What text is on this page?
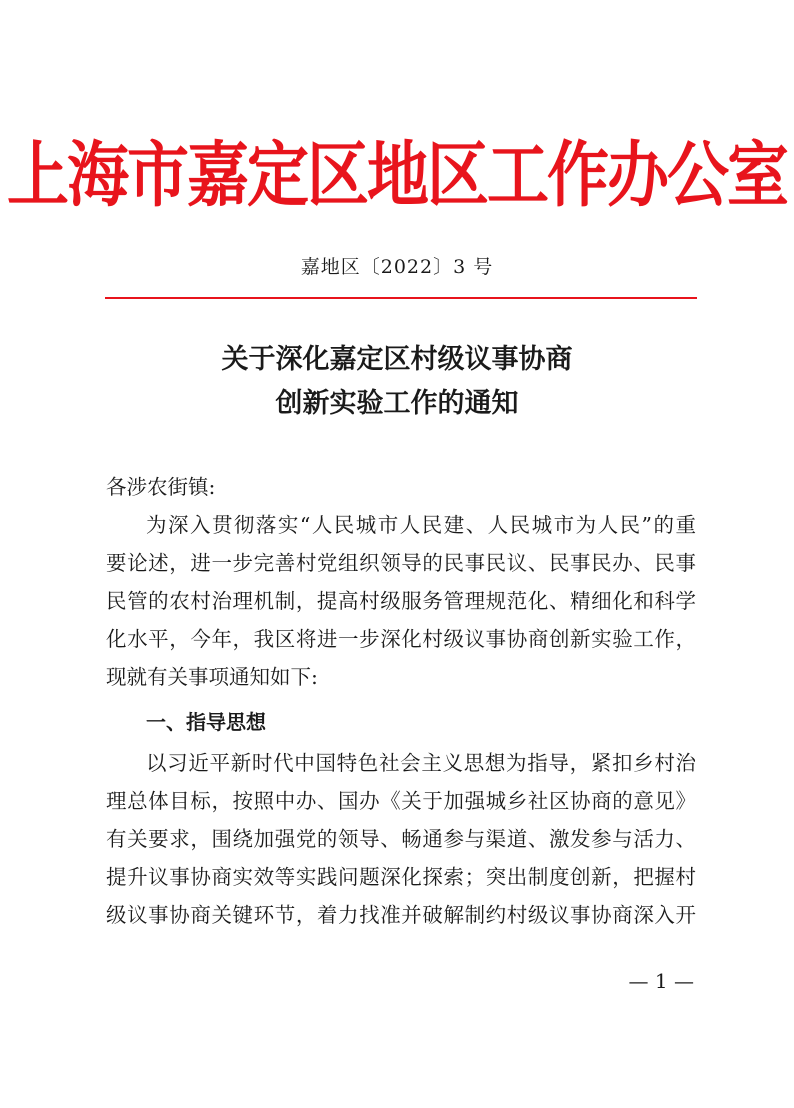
上海市嘉定区地区工作办公室
嘉地区〔2022〕3 号
关于深化嘉定区村级议事协商
创新实验工作的通知
各涉农街镇:
为深入贯彻落实“人民城市人民建、人民城市为人民”的重
要论述，进一步完善村党组织领导的民事民议、民事民办、民事
民管的农村治理机制，提高村级服务管理规范化、精细化和科学
化水平，今年，我区将进一步深化村级议事协商创新实验工作，
现就有关事项通知如下:
一、指导思想
以习近平新时代中国特色社会主义思想为指导，紧扣乡村治
理总体目标，按照中办、国办《关于加强城乡社区协商的意见》
有关要求，围绕加强党的领导、畅通参与渠道、激发参与活力、
提升议事协商实效等实践问题深化探索；突出制度创新，把握村
级议事协商关键环节，着力找准并破解制约村级议事协商深入开
— 1 —
